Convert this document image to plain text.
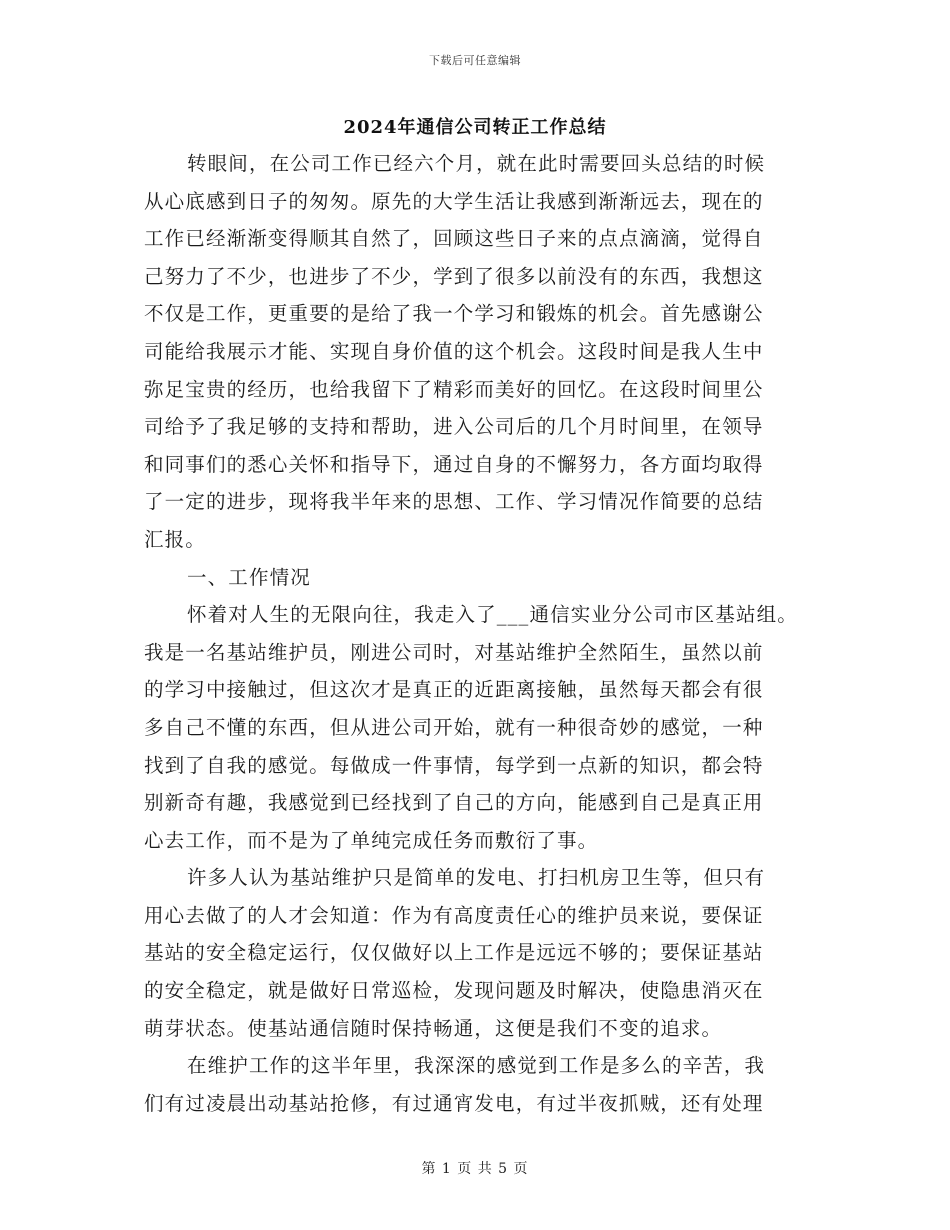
下载后可任意编辑
2024年通信公司转正工作总结
转眼间，在公司工作已经六个月，就在此时需要回头总结的时候
从心底感到日子的匆匆。原先的大学生活让我感到渐渐远去，现在的
工作已经渐渐变得顺其自然了，回顾这些日子来的点点滴滴，觉得自
己努力了不少，也进步了不少，学到了很多以前没有的东西，我想这
不仅是工作，更重要的是给了我一个学习和锻炼的机会。首先感谢公
司能给我展示才能、实现自身价值的这个机会。这段时间是我人生中
弥足宝贵的经历，也给我留下了精彩而美好的回忆。在这段时间里公
司给予了我足够的支持和帮助，进入公司后的几个月时间里，在领导
和同事们的悉心关怀和指导下，通过自身的不懈努力，各方面均取得
了一定的进步，现将我半年来的思想、工作、学习情况作简要的总结
汇报。
一、工作情况
怀着对人生的无限向往，我走入了___通信实业分公司市区基站组。
我是一名基站维护员，刚进公司时，对基站维护全然陌生，虽然以前
的学习中接触过，但这次才是真正的近距离接触，虽然每天都会有很
多自己不懂的东西，但从进公司开始，就有一种很奇妙的感觉，一种
找到了自我的感觉。每做成一件事情，每学到一点新的知识，都会特
别新奇有趣，我感觉到已经找到了自己的方向，能感到自己是真正用
心去工作，而不是为了单纯完成任务而敷衍了事。
许多人认为基站维护只是简单的发电、打扫机房卫生等，但只有
用心去做了的人才会知道：作为有高度责任心的维护员来说，要保证
基站的安全稳定运行，仅仅做好以上工作是远远不够的；要保证基站
的安全稳定，就是做好日常巡检，发现问题及时解决，使隐患消灭在
萌芽状态。使基站通信随时保持畅通，这便是我们不变的追求。
在维护工作的这半年里，我深深的感觉到工作是多么的辛苦，我
们有过凌晨出动基站抢修，有过通宵发电，有过半夜抓贼，还有处理
第 1 页 共 5 页
